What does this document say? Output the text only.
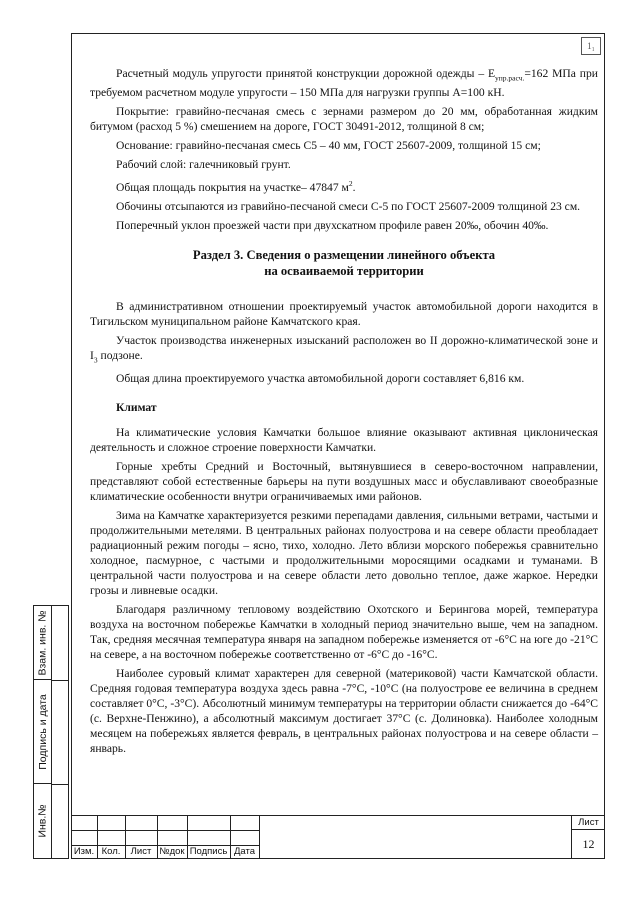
1₁

Расчетный модуль упругости принятой конструкции дорожной одежды – $E_{упр.расч.}=162$ МПа при требуемом расчетном модуле упругости – 150 МПа для нагрузки группы А=100 кН.

Покрытие: гравийно-песчаная смесь с зернами размером до 20 мм, обработанная жидким битумом (расход 5 %) смешением на дороге, ГОСТ 30491-2012, толщиной 8 см;

Основание: гравийно-песчаная смесь С5 – 40 мм, ГОСТ 25607-2009, толщиной 15 см;

Рабочий слой: галечниковый грунт.

Общая площадь покрытия на участке– 47847 $м^2$.

Обочины отсыпаются из гравийно-песчаной смеси С-5 по ГОСТ 25607-2009 толщиной 23 см.

Поперечный уклон проезжей части при двухскатном профиле равен 20‰, обочин 40‰.

Раздел 3. Сведения о размещении линейного объекта
на осваиваемой территории

В административном отношении проектируемый участок автомобильной дороги находится в Тигильском муниципальном районе Камчатского края.

Участок производства инженерных изысканий расположен во II дорожно-климатической зоне и $I_3$ подзоне.

Общая длина проектируемого участка автомобильной дороги составляет 6,816 км.

Климат

На климатические условия Камчатки большое влияние оказывают активная циклоническая деятельность и сложное строение поверхности Камчатки.

Горные хребты Средний и Восточный, вытянувшиеся в северо-восточном направлении, представляют собой естественные барьеры на пути воздушных масс и обуславливают своеобразные климатические особенности внутри ограничиваемых ими районов.

Зима на Камчатке характеризуется резкими перепадами давления, сильными ветрами, частыми и продолжительными метелями. В центральных районах полуострова и на севере области преобладает радиационный режим погоды – ясно, тихо, холодно. Лето вблизи морского побережья сравнительно холодное, пасмурное, с частыми и продолжительными моросящими осадками и туманами. В центральной части полуострова и на севере области лето довольно теплое, даже жаркое. Нередки грозы и ливневые осадки.

Благодаря различному тепловому воздействию Охотского и Берингова морей, температура воздуха на восточном побережье Камчатки в холодный период значительно выше, чем на западном. Так, средняя месячная температура января на западном побережье изменяется от -6°С на юге до -21°С на севере, а на восточном побережье соответственно от -6°С до -16°С.

Наиболее суровый климат характерен для северной (материковой) части Камчатской области. Средняя годовая температура воздуха здесь равна -7°С, -10°С (на полуострове ее величина в среднем составляет 0°С, -3°С). Абсолютный минимум температуры на территории области снижается до -64°С (с. Верхне-Пенжино), а абсолютный максимум достигает 37°С (с. Долиновка). Наиболее холодным месяцем на побережьях является февраль, в центральных районах полуострова и на севере области – январь.

Взам. инв. №
Подпись и дата
Инв.№
Изм. Кол.	Лист №док Подпись Дата
Лист
12
